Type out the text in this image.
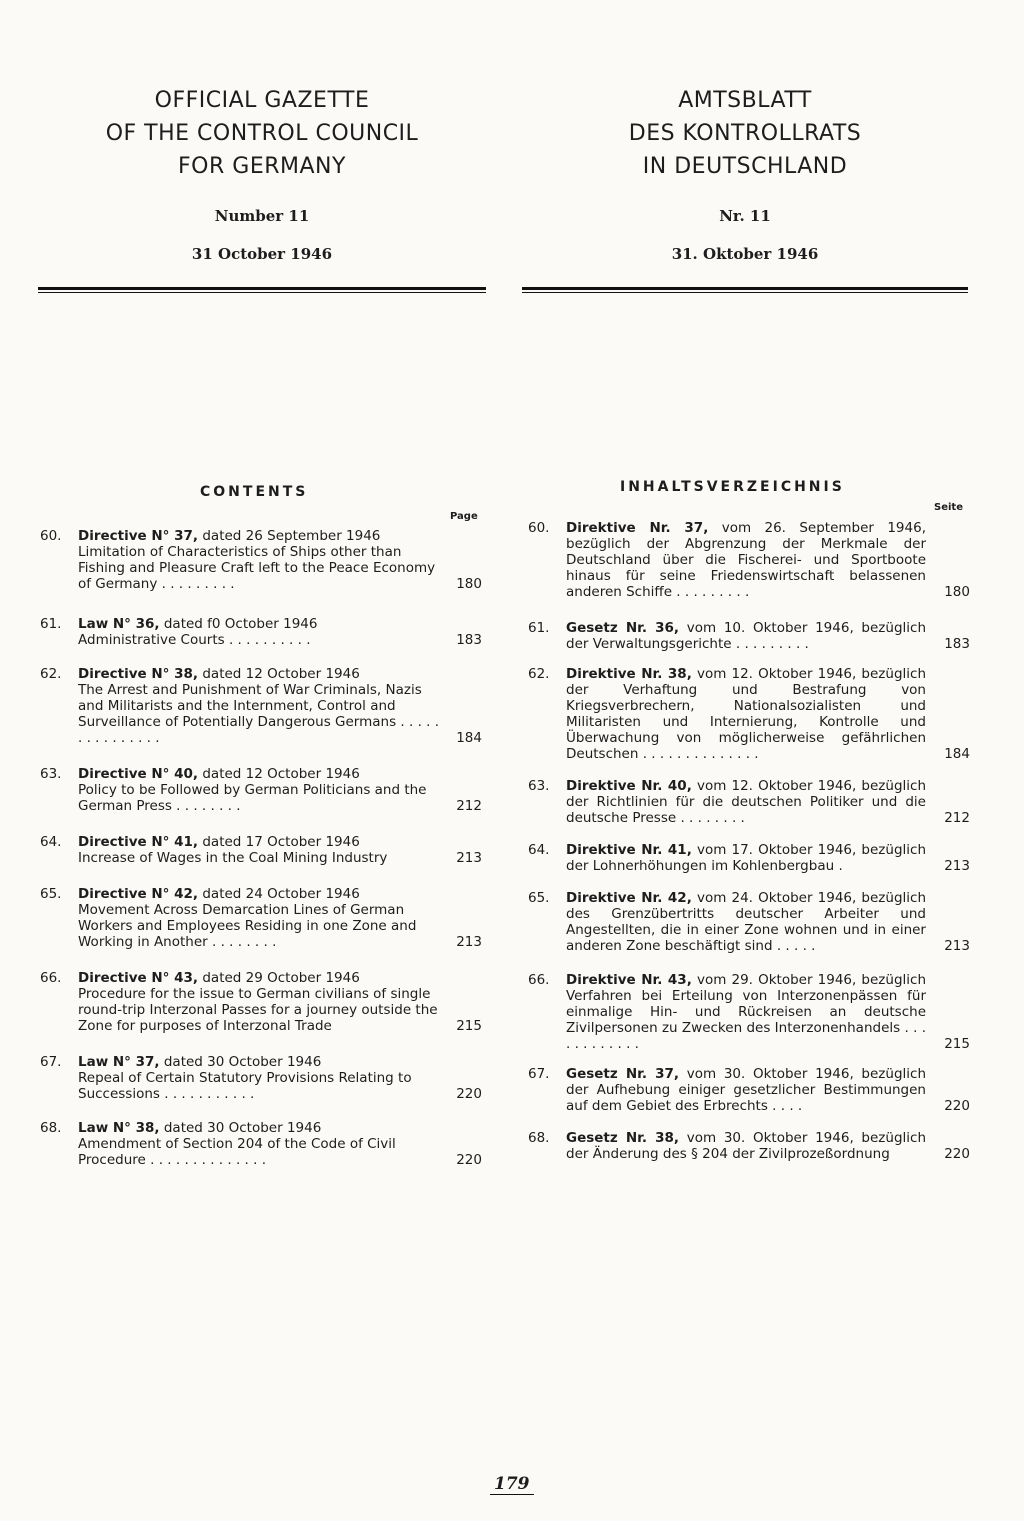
OFFICIAL GAZETTE
OF THE CONTROL COUNCIL
FOR GERMANY
Number 11
31 October 1946
CONTENTS
Page
60.	Directive N° 37, dated 26 September 1946
Limitation of Characteristics of Ships other than Fishing and Pleasure Craft left to the Peace Economy of Germany . . . . . . . . .	180
61.	Law N° 36, dated f0 October 1946
Administrative Courts . . . . . . . . . .	183
62.	Directive N° 38, dated 12 October 1946
The Arrest and Punishment of War Criminals, Nazis and Militarists and the Internment, Control and Surveillance of Potentially Dangerous Germans . . . . . . . . . . . . . . .	184
63.	Directive N° 40, dated 12 October 1946
Policy to be Followed by German Politicians and the German Press . . . . . . . .	212
64.	Directive N° 41, dated 17 October 1946
Increase of Wages in the Coal Mining Industry	213
65.	Directive N° 42, dated 24 October 1946
Movement Across Demarcation Lines of German Workers and Employees Residing in one Zone and Working in Another . . . . . . . .	213
66.	Directive N° 43, dated 29 October 1946
Procedure for the issue to German civilians of single round-trip Interzonal Passes for a journey outside the Zone for purposes of Interzonal Trade	215
67.	Law N° 37, dated 30 October 1946
Repeal of Certain Statutory Provisions Relating to Successions . . . . . . . . . . .	220
68.	Law N° 38, dated 30 October 1946
Amendment of Section 204 of the Code of Civil Procedure . . . . . . . . . . . . . .	220
AMTSBLATT
DES KONTROLLRATS
IN DEUTSCHLAND
Nr. 11
31. Oktober 1946
INHALTSVERZEICHNIS
Seite
60.	Direktive Nr. 37, vom 26. September 1946, bezüglich der Abgrenzung der Merkmale der Deutschland über die Fischerei- und Sportboote hinaus für seine Friedenswirtschaft belassenen anderen Schiffe . . . . . . . . .	180
61.	Gesetz Nr. 36, vom 10. Oktober 1946, bezüglich der Verwaltungsgerichte . . . . . . . . .	183
62.	Direktive Nr. 38, vom 12. Oktober 1946, bezüglich der Verhaftung und Bestrafung von Kriegsverbrechern, Nationalsozialisten und Militaristen und Internierung, Kontrolle und Überwachung von möglicherweise gefährlichen Deutschen . . . . . . . . . . . . . .	184
63.	Direktive Nr. 40, vom 12. Oktober 1946, bezüglich der Richtlinien für die deutschen Politiker und die deutsche Presse . . . . . . . .	212
64.	Direktive Nr. 41, vom 17. Oktober 1946, bezüglich der Lohnerhöhungen im Kohlenbergbau .	213
65.	Direktive Nr. 42, vom 24. Oktober 1946, bezüglich des Grenzübertritts deutscher Arbeiter und Angestellten, die in einer Zone wohnen und in einer anderen Zone beschäftigt sind . . . . .	213
66.	Direktive Nr. 43, vom 29. Oktober 1946, bezüglich Verfahren bei Erteilung von Interzonenpässen für einmalige Hin- und Rückreisen an deutsche Zivilpersonen zu Zwecken des Interzonenhandels . . . . . . . . . . . .	215
67.	Gesetz Nr. 37, vom 30. Oktober 1946, bezüglich der Aufhebung einiger gesetzlicher Bestimmungen auf dem Gebiet des Erbrechts . . . .	220
68.	Gesetz Nr. 38, vom 30. Oktober 1946, bezüglich der Änderung des § 204 der Zivilprozeßordnung	220
179
